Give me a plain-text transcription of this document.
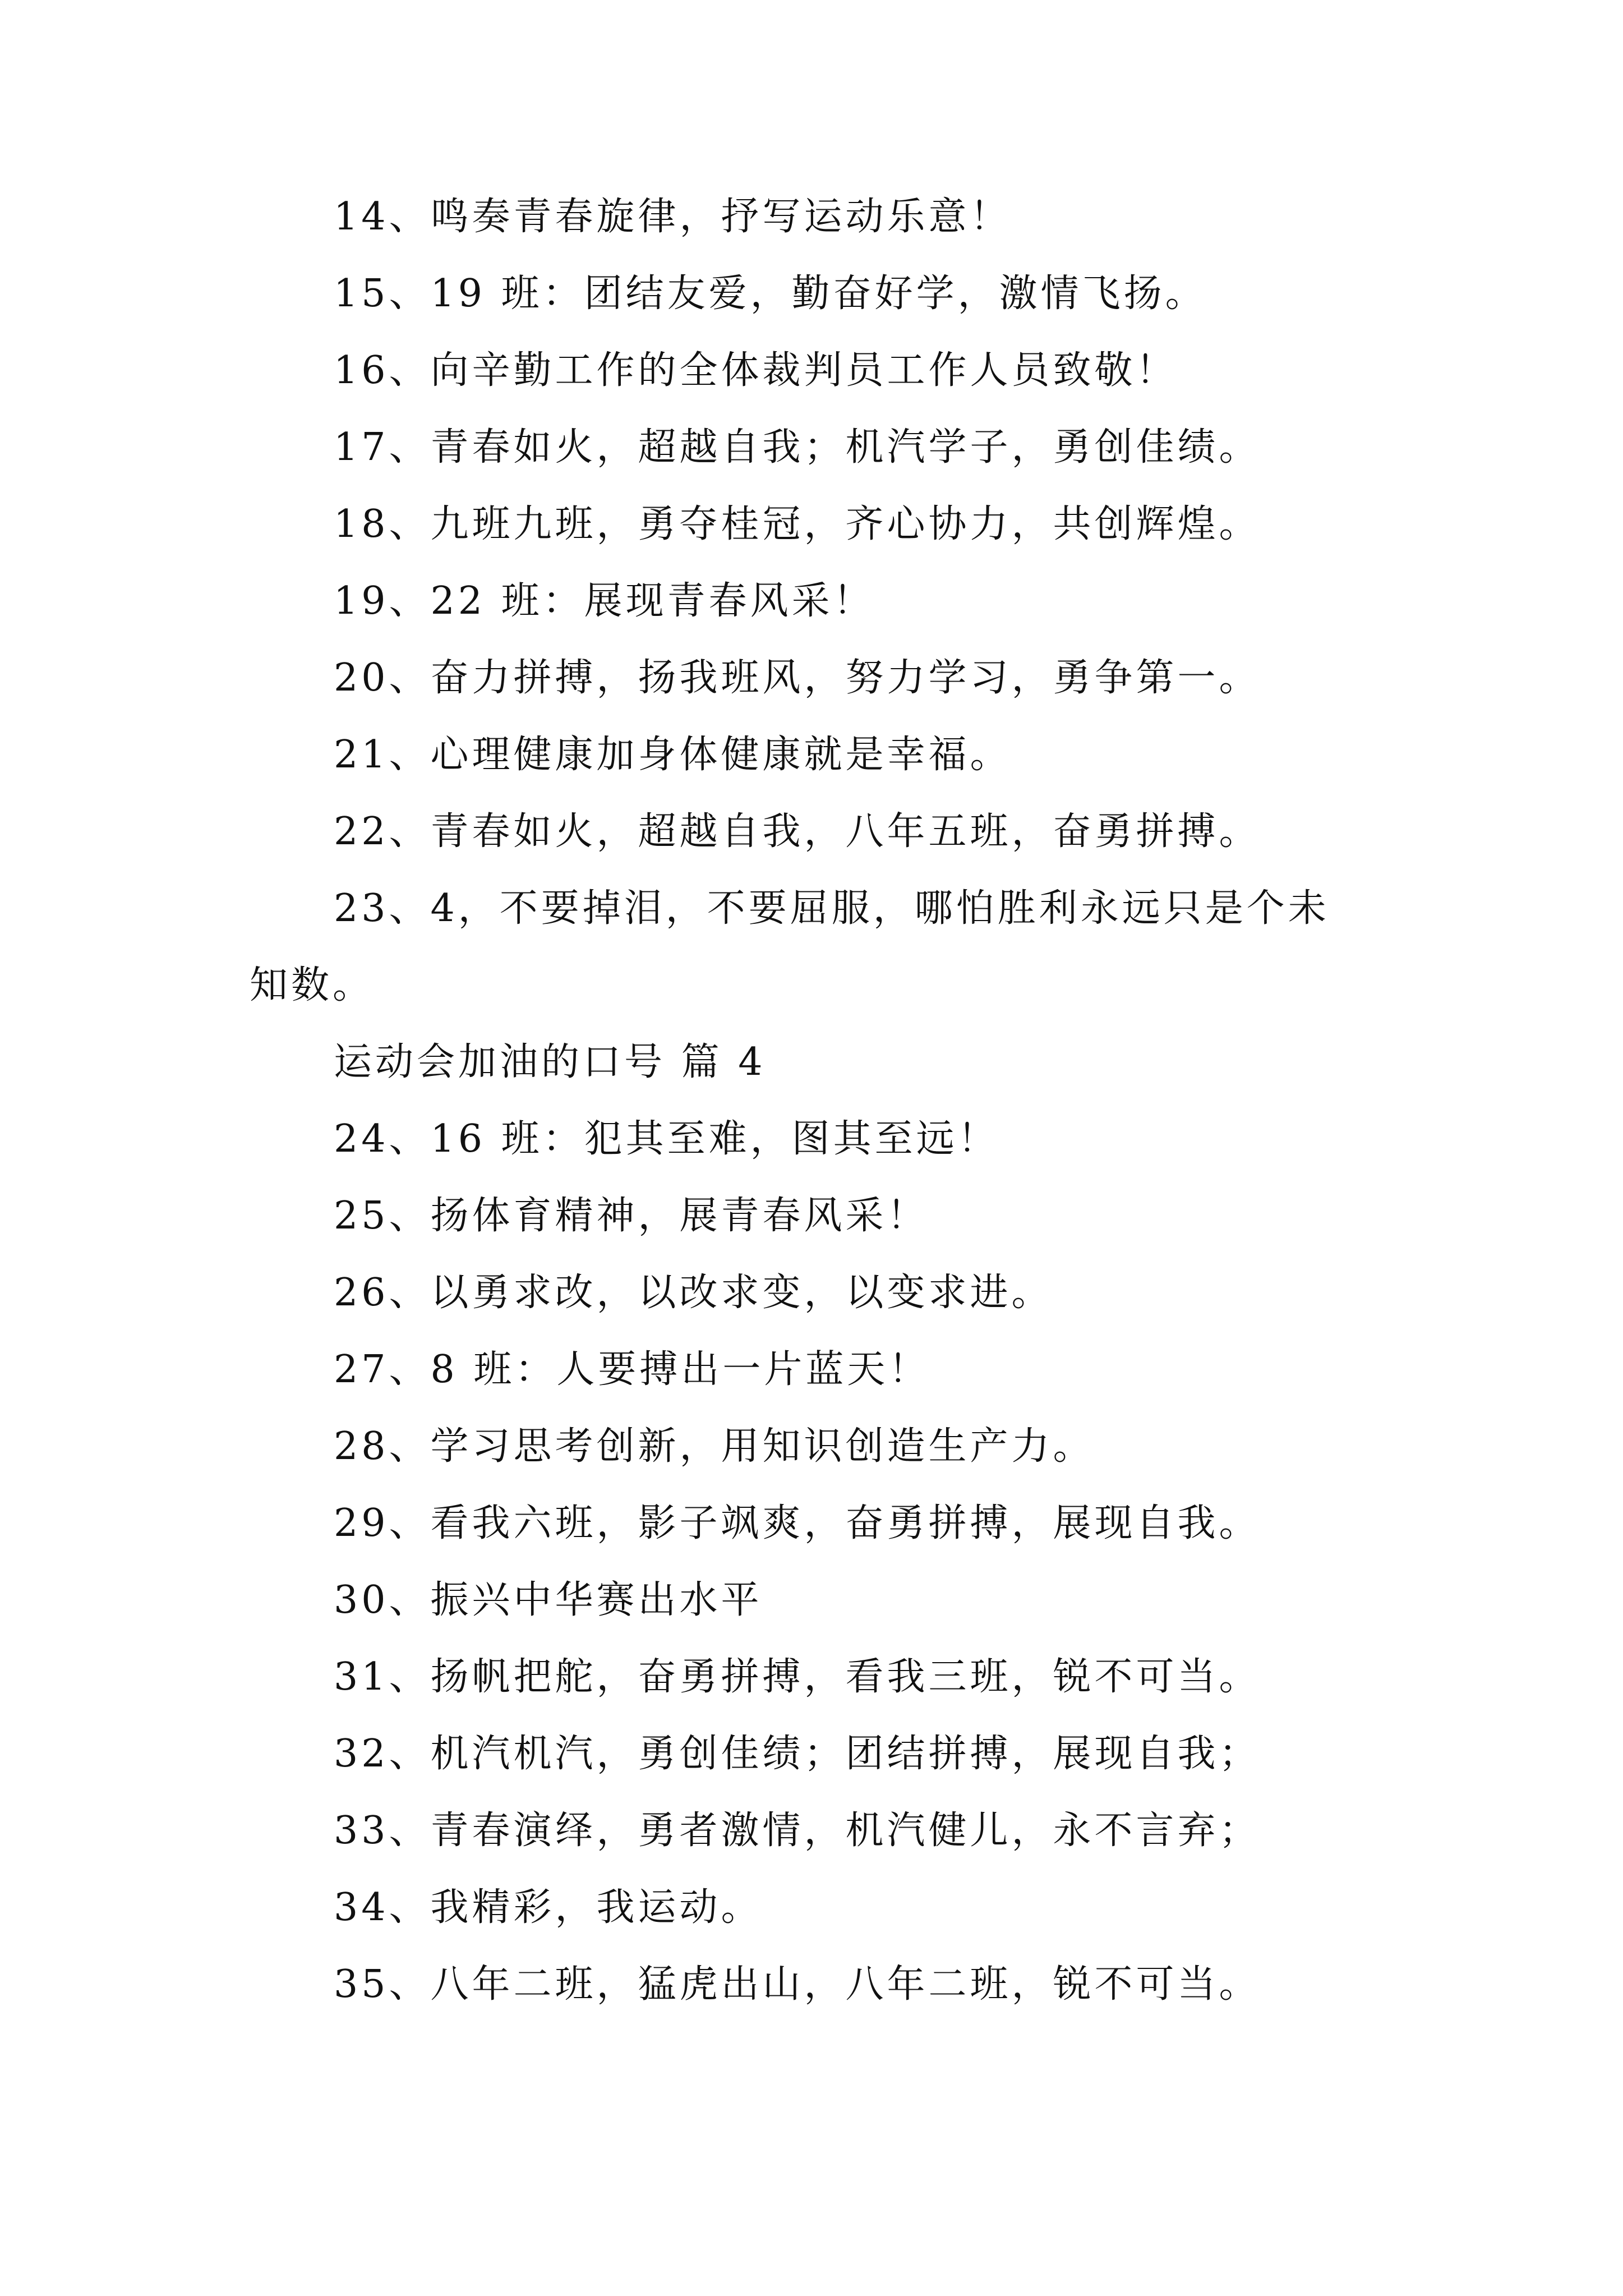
14、鸣奏青春旋律，抒写运动乐意！
15、19 班：团结友爱，勤奋好学，激情飞扬。
16、向辛勤工作的全体裁判员工作人员致敬！
17、青春如火，超越自我；机汽学子，勇创佳绩。
18、九班九班，勇夺桂冠，齐心协力，共创辉煌。
19、22 班：展现青春风采！
20、奋力拼搏，扬我班风，努力学习，勇争第一。
21、心理健康加身体健康就是幸福。
22、青春如火，超越自我，八年五班，奋勇拼搏。
23、4，不要掉泪，不要屈服，哪怕胜利永远只是个未
知数。
运动会加油的口号 篇 4
24、16 班：犯其至难，图其至远！
25、扬体育精神，展青春风采！
26、以勇求改，以改求变，以变求进。
27、8 班：人要搏出一片蓝天！
28、学习思考创新，用知识创造生产力。
29、看我六班，影子飒爽，奋勇拼搏，展现自我。
30、振兴中华赛出水平
31、扬帆把舵，奋勇拼搏，看我三班，锐不可当。
32、机汽机汽，勇创佳绩；团结拼搏，展现自我；
33、青春演绎，勇者激情，机汽健儿，永不言弃；
34、我精彩，我运动。
35、八年二班，猛虎出山，八年二班，锐不可当。
